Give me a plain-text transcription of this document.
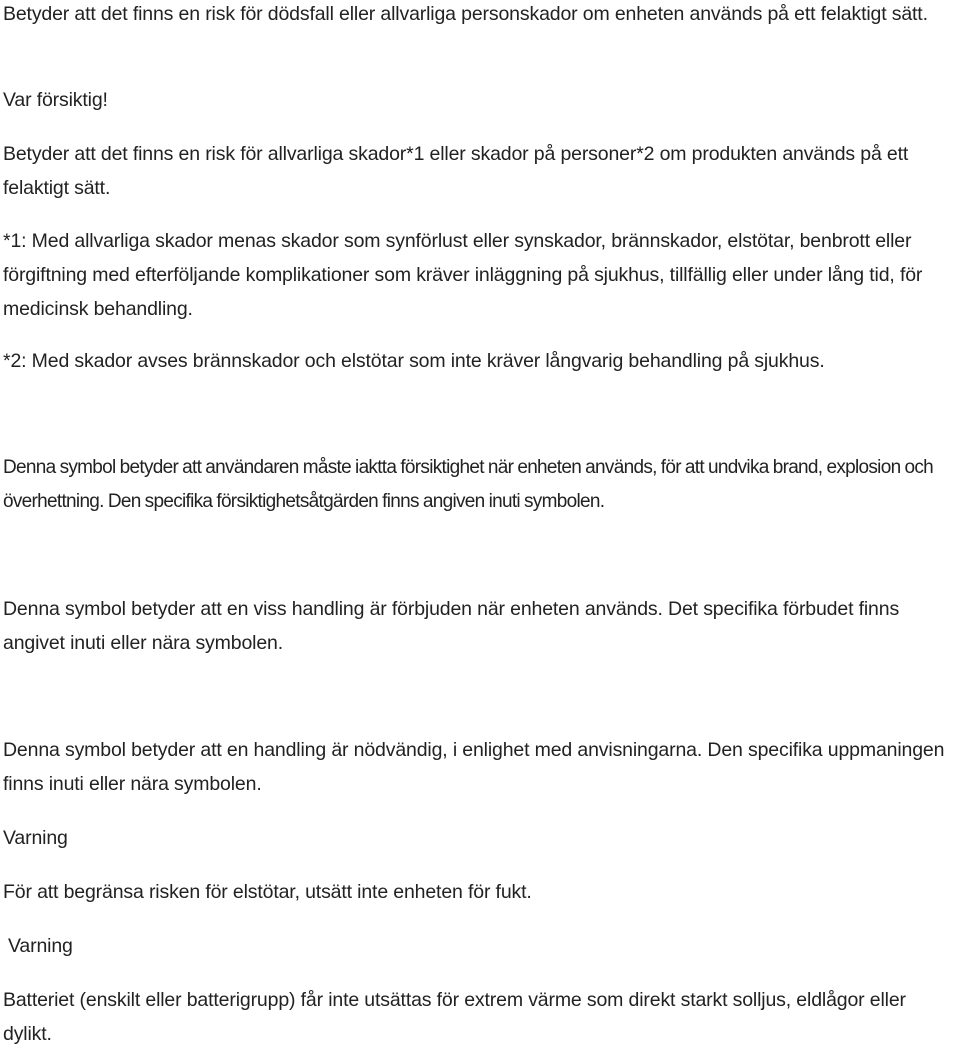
Betyder att det finns en risk för dödsfall eller allvarliga personskador om enheten används på ett felaktigt sätt.

Var försiktig!

Betyder att det finns en risk för allvarliga skador*1 eller skador på personer*2 om produkten används på ett felaktigt sätt.

*1: Med allvarliga skador menas skador som synförlust eller synskador, brännskador, elstötar, benbrott eller förgiftning med efterföljande komplikationer som kräver inläggning på sjukhus, tillfällig eller under lång tid, för medicinsk behandling.

*2: Med skador avses brännskador och elstötar som inte kräver långvarig behandling på sjukhus.

Denna symbol betyder att användaren måste iaktta försiktighet när enheten används, för att undvika brand, explosion och överhettning. Den specifika försiktighetsåtgärden finns angiven inuti symbolen.

Denna symbol betyder att en viss handling är förbjuden när enheten används. Det specifika förbudet finns angivet inuti eller nära symbolen.

Denna symbol betyder att en handling är nödvändig, i enlighet med anvisningarna. Den specifika uppmaningen finns inuti eller nära symbolen.

Varning

För att begränsa risken för elstötar, utsätt inte enheten för fukt.

Varning

Batteriet (enskilt eller batterigrupp) får inte utsättas för extrem värme som direkt starkt solljus, eldlågor eller dylikt.
